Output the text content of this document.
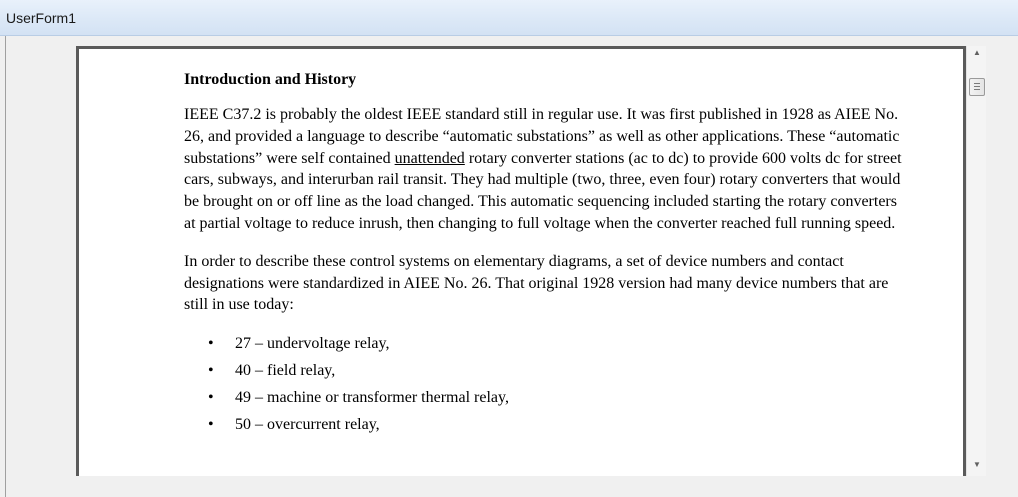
UserForm1
Introduction and History

IEEE C37.2 is probably the oldest IEEE standard still in regular use. It was first published in 1928 as AIEE No. 26, and provided a language to describe “automatic substations” as well as other applications. These “automatic substations” were self contained unattended rotary converter stations (ac to dc) to provide 600 volts dc for street cars, subways, and interurban rail transit. They had multiple (two, three, even four) rotary converters that would be brought on or off line as the load changed. This automatic sequencing included starting the rotary converters at partial voltage to reduce inrush, then changing to full voltage when the converter reached full running speed.

In order to describe these control systems on elementary diagrams, a set of device numbers and contact designations were standardized in AIEE No. 26. That original 1928 version had many device numbers that are still in use today:

• 27 – undervoltage relay,
• 40 – field relay,
• 49 – machine or transformer thermal relay,
• 50 – overcurrent relay,
▲
▼
